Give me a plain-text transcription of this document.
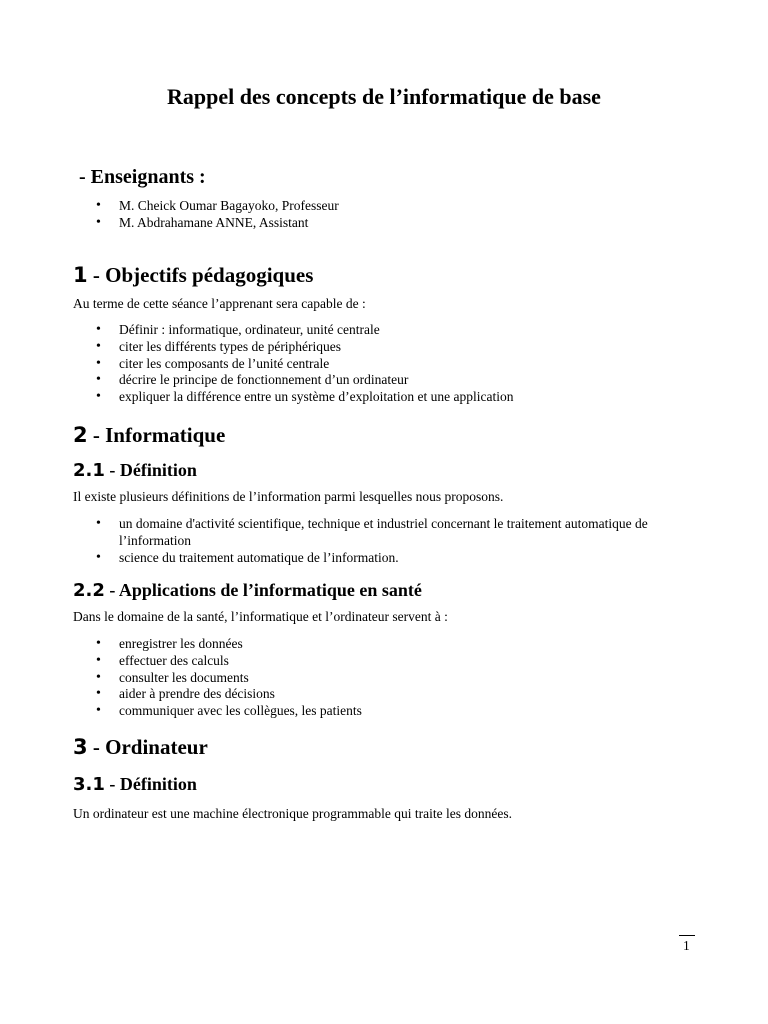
Rappel des concepts de l’informatique de base
- Enseignants :
• M. Cheick Oumar Bagayoko, Professeur
• M. Abdrahamane ANNE, Assistant
1 - Objectifs pédagogiques

Au terme de cette séance l’apprenant sera capable de :

• Définir : informatique, ordinateur, unité centrale
• citer les différents types de périphériques
• citer les composants de l’unité centrale
• décrire le principe de fonctionnement d’un ordinateur
• expliquer la différence entre un système d’exploitation et une application
2 - Informatique
2.1 - Définition

Il existe plusieurs définitions de l’information parmi lesquelles nous proposons.

• un domaine d'activité scientifique, technique et industriel concernant le traitement automatique de l’information
• science du traitement automatique de l’information.
2.2 - Applications de l’informatique en santé

Dans le domaine de la santé, l’informatique et l’ordinateur servent à :

• enregistrer les données
• effectuer des calculs
• consulter les documents
• aider à prendre des décisions
• communiquer avec les collègues, les patients
3 - Ordinateur
3.1 - Définition

Un ordinateur est une machine électronique programmable qui traite les données.

1
